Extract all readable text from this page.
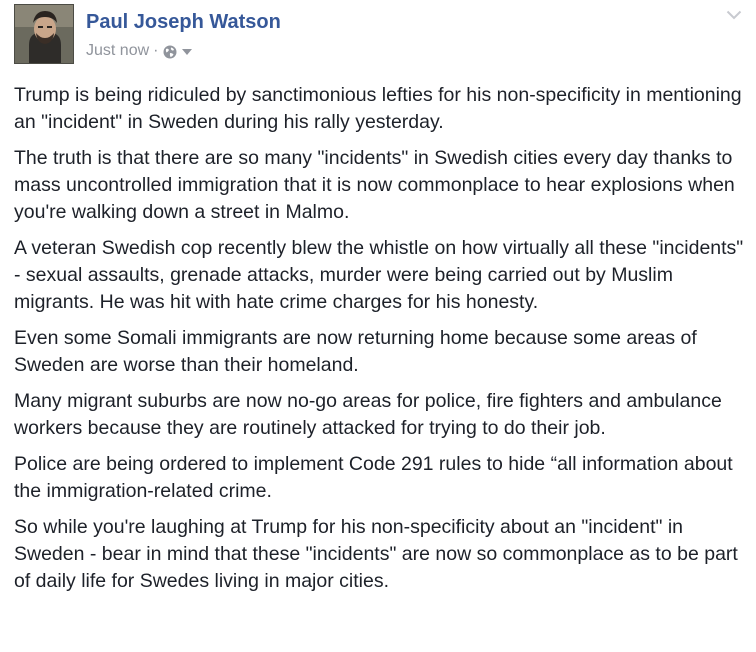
Paul Joseph Watson
Just now ·

Trump is being ridiculed by sanctimonious lefties for his non-specificity in mentioning an "incident" in Sweden during his rally yesterday.

The truth is that there are so many "incidents" in Swedish cities every day thanks to mass uncontrolled immigration that it is now commonplace to hear explosions when you're walking down a street in Malmo.

A veteran Swedish cop recently blew the whistle on how virtually all these "incidents" - sexual assaults, grenade attacks, murder were being carried out by Muslim migrants. He was hit with hate crime charges for his honesty.

Even some Somali immigrants are now returning home because some areas of Sweden are worse than their homeland.

Many migrant suburbs are now no-go areas for police, fire fighters and ambulance workers because they are routinely attacked for trying to do their job.

Police are being ordered to implement Code 291 rules to hide “all information about the immigration-related crime.

So while you're laughing at Trump for his non-specificity about an "incident" in Sweden - bear in mind that these "incidents" are now so commonplace as to be part of daily life for Swedes living in major cities.
